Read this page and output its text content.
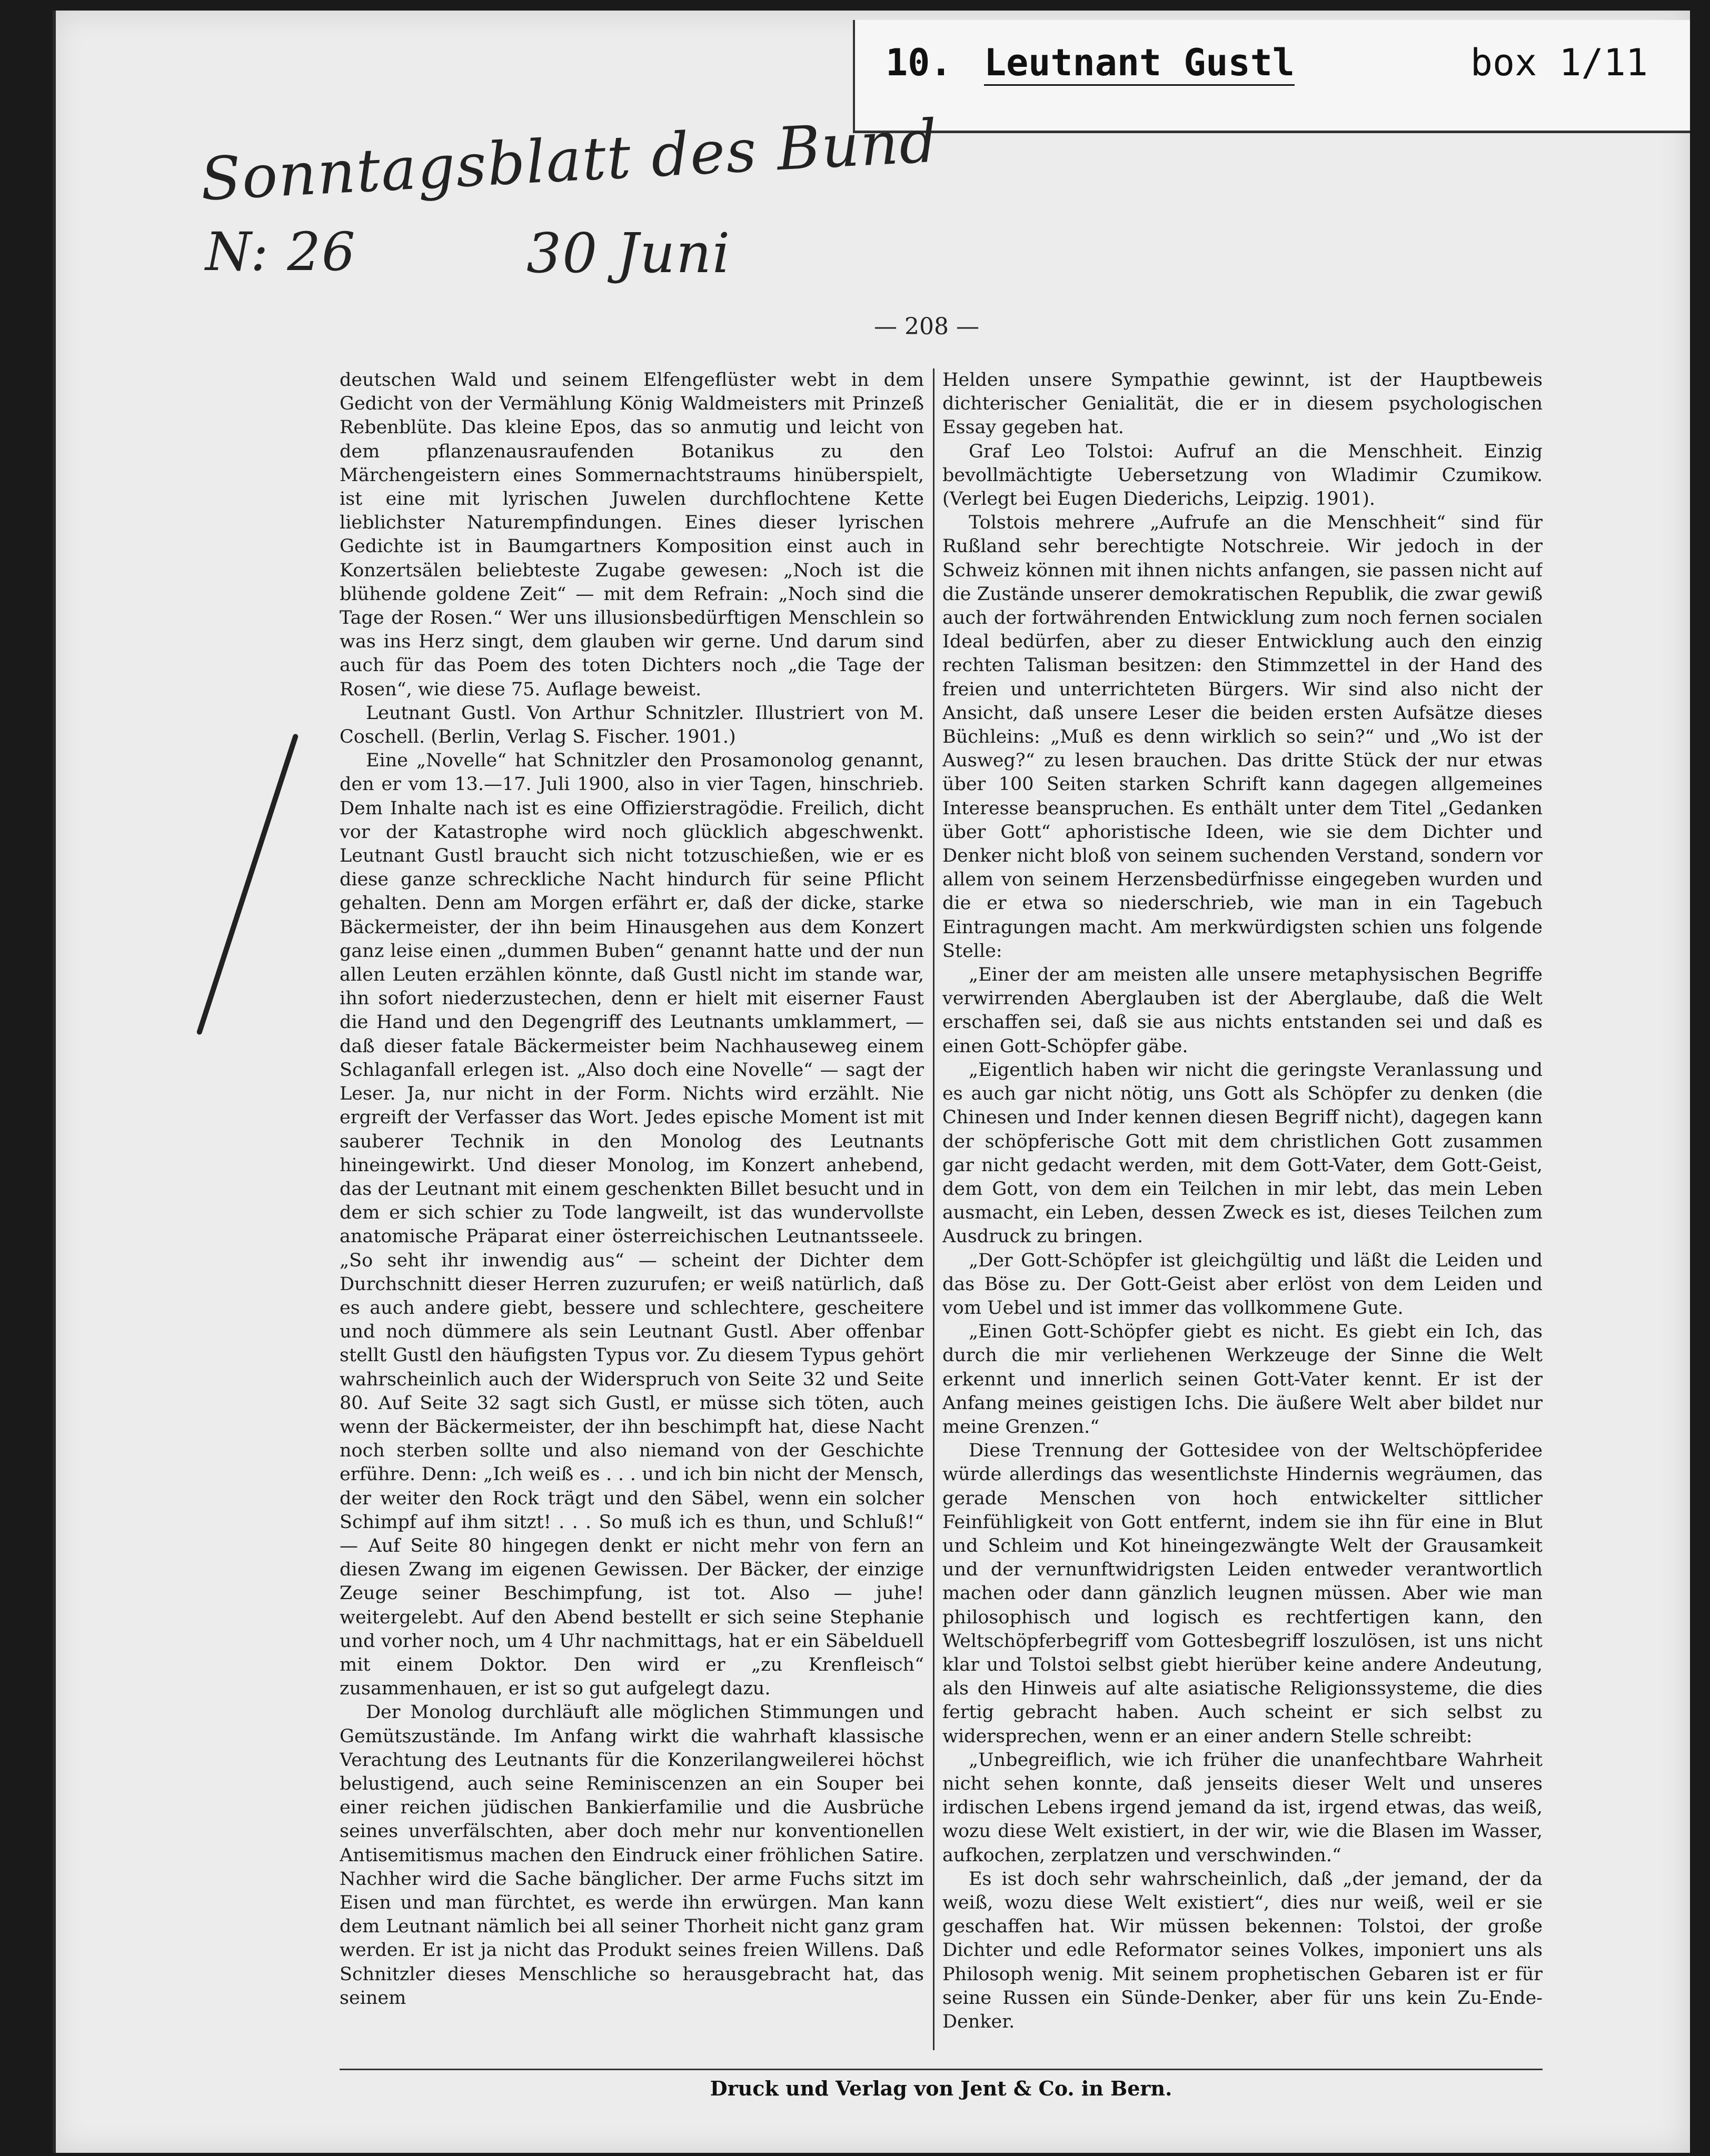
10. Leutnant Gustl	box 1/11
Sonntagsblatt des Bund
N: 26	30 Juni
— 208 —

deutschen Wald und seinem Elfengeflüster webt in dem Gedicht von der Vermählung König Waldmeisters mit Prinzeß Rebenblüte. Das kleine Epos, das so anmutig und leicht von dem pflanzenausraufenden Botanikus zu den Märchengeistern eines Sommernachtstraums hinüberspielt, ist eine mit lyrischen Juwelen durchflochtene Kette lieblichster Naturempfindungen. Eines dieser lyrischen Gedichte ist in Baumgartners Komposition einst auch in Konzertsälen beliebteste Zugabe gewesen: „Noch ist die blühende goldene Zeit“ — mit dem Refrain: „Noch sind die Tage der Rosen.“ Wer uns illusionsbedürftigen Menschlein so was ins Herz singt, dem glauben wir gerne. Und darum sind auch für das Poem des toten Dichters noch „die Tage der Rosen“, wie diese 75. Auflage beweist.

Leutnant Gustl. Von Arthur Schnitzler. Illustriert von M. Coschell. (Berlin, Verlag S. Fischer. 1901.)

Eine „Novelle“ hat Schnitzler den Prosamonolog genannt, den er vom 13.—17. Juli 1900, also in vier Tagen, hinschrieb. Dem Inhalte nach ist es eine Offizierstragödie. Freilich, dicht vor der Katastrophe wird noch glücklich abgeschwenkt. Leutnant Gustl braucht sich nicht totzuschießen, wie er es diese ganze schreckliche Nacht hindurch für seine Pflicht gehalten. Denn am Morgen erfährt er, daß der dicke, starke Bäckermeister, der ihn beim Hinausgehen aus dem Konzert ganz leise einen „dummen Buben“ genannt hatte und der nun allen Leuten erzählen könnte, daß Gustl nicht im stande war, ihn sofort niederzustechen, denn er hielt mit eiserner Faust die Hand und den Degengriff des Leutnants umklammert, — daß dieser fatale Bäckermeister beim Nachhauseweg einem Schlaganfall erlegen ist. „Also doch eine Novelle“ — sagt der Leser. Ja, nur nicht in der Form. Nichts wird erzählt. Nie ergreift der Verfasser das Wort. Jedes epische Moment ist mit sauberer Technik in den Monolog des Leutnants hineingewirkt. Und dieser Monolog, im Konzert anhebend, das der Leutnant mit einem geschenkten Billet besucht und in dem er sich schier zu Tode langweilt, ist das wundervollste anatomische Präparat einer österreichischen Leutnantsseele. „So seht ihr inwendig aus“ — scheint der Dichter dem Durchschnitt dieser Herren zuzurufen; er weiß natürlich, daß es auch andere giebt, bessere und schlechtere, gescheitere und noch dümmere als sein Leutnant Gustl. Aber offenbar stellt Gustl den häufigsten Typus vor. Zu diesem Typus gehört wahrscheinlich auch der Widerspruch von Seite 32 und Seite 80. Auf Seite 32 sagt sich Gustl, er müsse sich töten, auch wenn der Bäckermeister, der ihn beschimpft hat, diese Nacht noch sterben sollte und also niemand von der Geschichte erführe. Denn: „Ich weiß es . . . und ich bin nicht der Mensch, der weiter den Rock trägt und den Säbel, wenn ein solcher Schimpf auf ihm sitzt! . . . So muß ich es thun, und Schluß!“ — Auf Seite 80 hingegen denkt er nicht mehr von fern an diesen Zwang im eigenen Gewissen. Der Bäcker, der einzige Zeuge seiner Beschimpfung, ist tot. Also — juhe! weitergelebt. Auf den Abend bestellt er sich seine Stephanie und vorher noch, um 4 Uhr nachmittags, hat er ein Säbelduell mit einem Doktor. Den wird er „zu Krenfleisch“ zusammenhauen, er ist so gut aufgelegt dazu.

Der Monolog durchläuft alle möglichen Stimmungen und Gemütszustände. Im Anfang wirkt die wahrhaft klassische Verachtung des Leutnants für die Konzerilangweilerei höchst belustigend, auch seine Reminiscenzen an ein Souper bei einer reichen jüdischen Bankierfamilie und die Ausbrüche seines unverfälschten, aber doch mehr nur konventionellen Antisemitismus machen den Eindruck einer fröhlichen Satire. Nachher wird die Sache bänglicher. Der arme Fuchs sitzt im Eisen und man fürchtet, es werde ihn erwürgen. Man kann dem Leutnant nämlich bei all seiner Thorheit nicht ganz gram werden. Er ist ja nicht das Produkt seines freien Willens. Daß Schnitzler dieses Menschliche so herausgebracht hat, das seinem

Helden unsere Sympathie gewinnt, ist der Hauptbeweis dichterischer Genialität, die er in diesem psychologischen Essay gegeben hat.

Graf Leo Tolstoi: Aufruf an die Menschheit. Einzig bevollmächtigte Uebersetzung von Wladimir Czumikow. (Verlegt bei Eugen Diederichs, Leipzig. 1901).

Tolstois mehrere „Aufrufe an die Menschheit“ sind für Rußland sehr berechtigte Notschreie. Wir jedoch in der Schweiz können mit ihnen nichts anfangen, sie passen nicht auf die Zustände unserer demokratischen Republik, die zwar gewiß auch der fortwährenden Entwicklung zum noch fernen socialen Ideal bedürfen, aber zu dieser Entwicklung auch den einzig rechten Talisman besitzen: den Stimmzettel in der Hand des freien und unterrichteten Bürgers. Wir sind also nicht der Ansicht, daß unsere Leser die beiden ersten Aufsätze dieses Büchleins: „Muß es denn wirklich so sein?“ und „Wo ist der Ausweg?“ zu lesen brauchen. Das dritte Stück der nur etwas über 100 Seiten starken Schrift kann dagegen allgemeines Interesse beanspruchen. Es enthält unter dem Titel „Gedanken über Gott“ aphoristische Ideen, wie sie dem Dichter und Denker nicht bloß von seinem suchenden Verstand, sondern vor allem von seinem Herzensbedürfnisse eingegeben wurden und die er etwa so niederschrieb, wie man in ein Tagebuch Eintragungen macht. Am merkwürdigsten schien uns folgende Stelle:

„Einer der am meisten alle unsere metaphysischen Begriffe verwirrenden Aberglauben ist der Aberglaube, daß die Welt erschaffen sei, daß sie aus nichts entstanden sei und daß es einen Gott-Schöpfer gäbe.

„Eigentlich haben wir nicht die geringste Veranlassung und es auch gar nicht nötig, uns Gott als Schöpfer zu denken (die Chinesen und Inder kennen diesen Begriff nicht), dagegen kann der schöpferische Gott mit dem christlichen Gott zusammen gar nicht gedacht werden, mit dem Gott-Vater, dem Gott-Geist, dem Gott, von dem ein Teilchen in mir lebt, das mein Leben ausmacht, ein Leben, dessen Zweck es ist, dieses Teilchen zum Ausdruck zu bringen.

„Der Gott-Schöpfer ist gleichgültig und läßt die Leiden und das Böse zu. Der Gott-Geist aber erlöst von dem Leiden und vom Uebel und ist immer das vollkommene Gute.

„Einen Gott-Schöpfer giebt es nicht. Es giebt ein Ich, das durch die mir verliehenen Werkzeuge der Sinne die Welt erkennt und innerlich seinen Gott-Vater kennt. Er ist der Anfang meines geistigen Ichs. Die äußere Welt aber bildet nur meine Grenzen.“

Diese Trennung der Gottesidee von der Weltschöpferidee würde allerdings das wesentlichste Hindernis wegräumen, das gerade Menschen von hoch entwickelter sittlicher Feinfühligkeit von Gott entfernt, indem sie ihn für eine in Blut und Schleim und Kot hineingezwängte Welt der Grausamkeit und der vernunftwidrigsten Leiden entweder verantwortlich machen oder dann gänzlich leugnen müssen. Aber wie man philosophisch und logisch es rechtfertigen kann, den Weltschöpferbegriff vom Gottesbegriff loszulösen, ist uns nicht klar und Tolstoi selbst giebt hierüber keine andere Andeutung, als den Hinweis auf alte asiatische Religionssysteme, die dies fertig gebracht haben. Auch scheint er sich selbst zu widersprechen, wenn er an einer andern Stelle schreibt:

„Unbegreiflich, wie ich früher die unanfechtbare Wahrheit nicht sehen konnte, daß jenseits dieser Welt und unseres irdischen Lebens irgend jemand da ist, irgend etwas, das weiß, wozu diese Welt existiert, in der wir, wie die Blasen im Wasser, aufkochen, zerplatzen und verschwinden.“

Es ist doch sehr wahrscheinlich, daß „der jemand, der da weiß, wozu diese Welt existiert“, dies nur weiß, weil er sie geschaffen hat. Wir müssen bekennen: Tolstoi, der große Dichter und edle Reformator seines Volkes, imponiert uns als Philosoph wenig. Mit seinem prophetischen Gebaren ist er für seine Russen ein Sünde-Denker, aber für uns kein Zu-Ende-Denker.

Druck und Verlag von Jent & Co. in Bern.
